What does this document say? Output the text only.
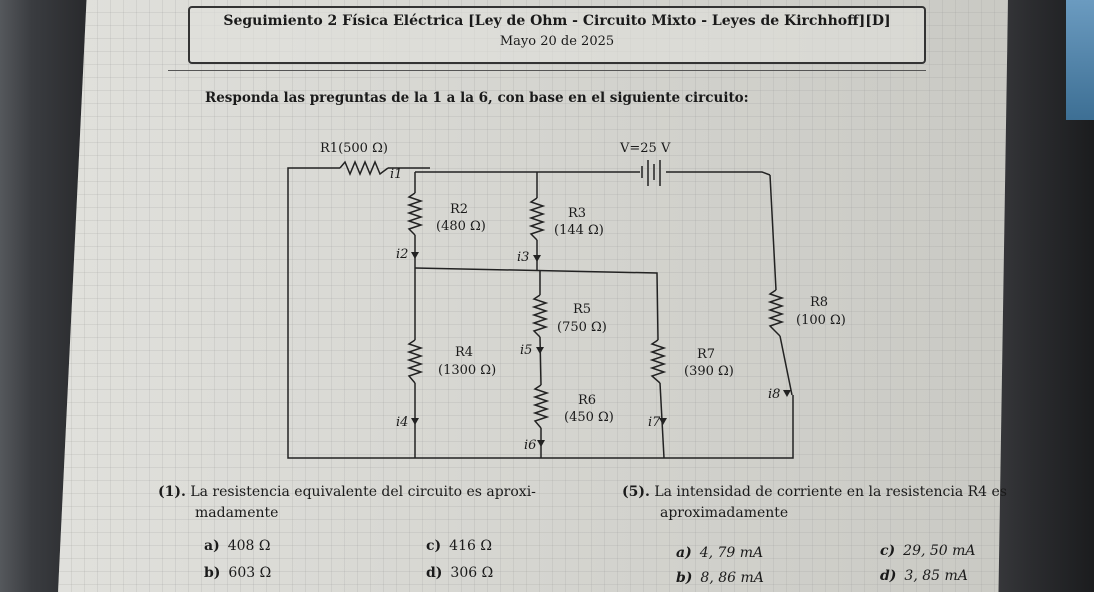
Seguimiento 2 Física Eléctrica [Ley de Ohm - Circuito Mixto - Leyes de Kirchhoff][D]
Mayo 20 de 2025
Responda las preguntas de la 1 a la 6, con base en el siguiente circuito:
R1(500 Ω)	V=25 V
i1
R2
(480 Ω)
R3
(144 Ω)
i2	i3
R5
(750 Ω)
R8
(100 Ω)
R4
(1300 Ω)
i5	R7
(390 Ω)
i8
R6
(450 Ω)
i4	i7
i6
(1). La resistencia equivalente del circuito es aproxi-
madamente
a) 408 Ω
b) 603 Ω
c) 416 Ω
d) 306 Ω
(5). La intensidad de corriente en la resistencia R4 es
aproximadamente
a) 4, 79 mA
b) 8, 86 mA
c) 29, 50 mA
d) 3, 85 mA
